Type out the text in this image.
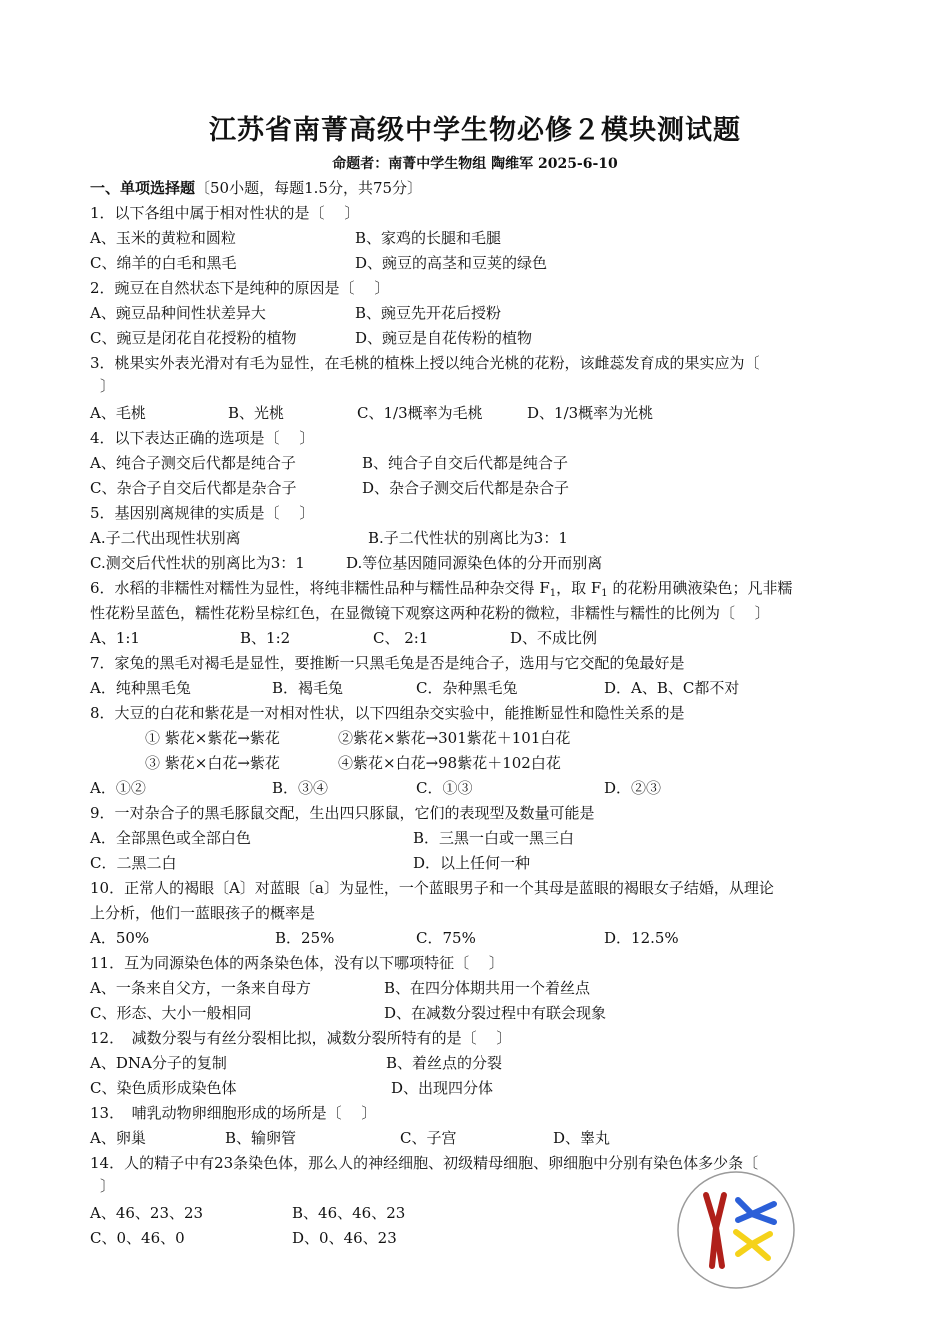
江苏省南菁高级中学生物必修２模块测试题
命题者：南菁中学生物组 陶维军 2025-6-10
一、单项选择题〔50小题，每题1.5分，共75分〕
1．以下各组中属于相对性状的是〔　 〕
A、玉米的黄粒和圆粒	B、家鸡的长腿和毛腿
C、绵羊的白毛和黑毛	D、豌豆的高茎和豆荚的绿色
2．豌豆在自然状态下是纯种的原因是〔　 〕
A、豌豆品种间性状差异大	B、豌豆先开花后授粉
C、豌豆是闭花自花授粉的植物	D、豌豆是自花传粉的植物
3．桃果实外表光滑对有毛为显性，在毛桃的植株上授以纯合光桃的花粉，该雌蕊发育成的果实应为〔
〕
A、毛桃	B、光桃	C、1/3概率为毛桃	D、1/3概率为光桃
4．以下表达正确的选项是〔　 〕
A、纯合子测交后代都是纯合子	B、纯合子自交后代都是纯合子
C、杂合子自交后代都是杂合子	D、杂合子测交后代都是杂合子
5．基因别离规律的实质是〔　 〕
A.子二代出现性状别离	B.子二代性状的别离比为3：1
C.测交后代性状的别离比为3：1	D.等位基因随同源染色体的分开而别离
6．水稻的非糯性对糯性为显性，将纯非糯性品种与糯性品种杂交得 $F_1$，取 $F_1$ 的花粉用碘液染色；凡非糯
性花粉呈蓝色，糯性花粉呈棕红色，在显微镜下观察这两种花粉的微粒，非糯性与糯性的比例为〔　 〕
A、1:1	B、1:2	C、 2:1	D、不成比例
7．家兔的黑毛对褐毛是显性，要推断一只黑毛兔是否是纯合子，选用与它交配的兔最好是
A．纯种黑毛兔	B．褐毛兔	C．杂种黑毛兔	D．A、B、C都不对
8．大豆的白花和紫花是一对相对性状，以下四组杂交实验中，能推断显性和隐性关系的是
① 紫花×紫花→紫花	②紫花×紫花→301紫花＋101白花
③ 紫花×白花→紫花	④紫花×白花→98紫花＋102白花
A．①②	B．③④	C．①③	D．②③
9．一对杂合子的黑毛豚鼠交配，生出四只豚鼠，它们的表现型及数量可能是
A．全部黑色或全部白色	B．三黑一白或一黑三白
C．二黑二白	D．以上任何一种
10．正常人的褐眼〔A〕对蓝眼〔a〕为显性，一个蓝眼男子和一个其母是蓝眼的褐眼女子结婚，从理论
上分析，他们一蓝眼孩子的概率是
A．50%	B．25%	C．75%	D．12.5%
11．互为同源染色体的两条染色体，没有以下哪项特征〔　 〕
A、一条来自父方，一条来自母方	B、在四分体期共用一个着丝点
C、形态、大小一般相同	D、在减数分裂过程中有联会现象
12．　减数分裂与有丝分裂相比拟，减数分裂所特有的是〔　 〕
A、DNA分子的复制	B、着丝点的分裂
C、染色质形成染色体	D、出现四分体
13．　哺乳动物卵细胞形成的场所是〔　 〕
A、卵巢	B、输卵管	C、子宫	D、睾丸
14．人的精子中有23条染色体，那么人的神经细胞、初级精母细胞、卵细胞中分别有染色体多少条〔
〕
A、46、23、23	B、46、46、23
C、0、46、0	D、0、46、23
